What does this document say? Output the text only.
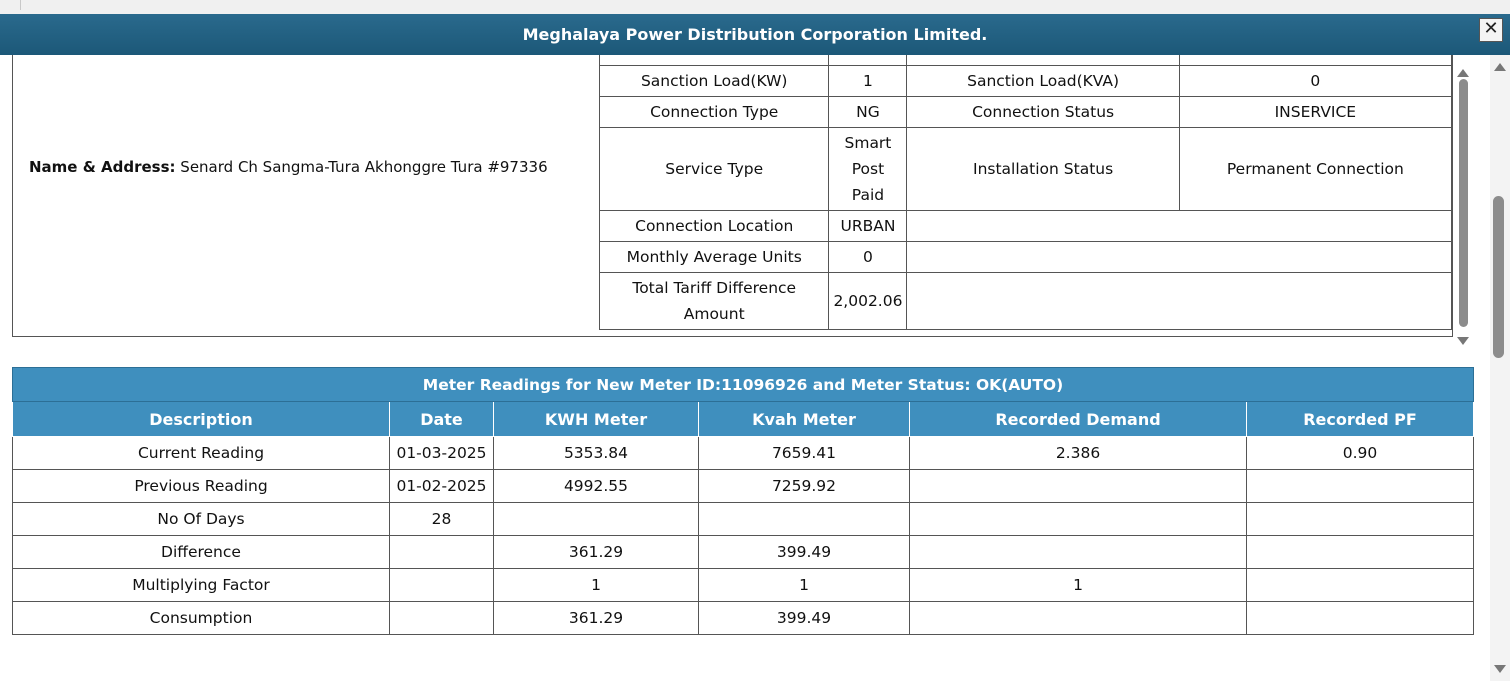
Meghalaya Power Distribution Corporation Limited.	✕
Name & Address: Senard Ch Sangma-Tura Akhonggre Tura #97336

Sanction Load(KW)	1	Sanction Load(KVA)	0
Connection Type	NG	Connection Status	INSERVICE
Service Type	Smart Post Paid	Installation Status	Permanent Connection
Connection Location	URBAN		
Monthly Average Units	0		
Total Tariff Difference Amount	2,002.06		
Meter Readings for New Meter ID:11096926 and Meter Status: OK(AUTO)					
Description	Date	KWH Meter	Kvah Meter	Recorded Demand	Recorded PF
Current Reading	01-03-2025	5353.84	7659.41	2.386	0.90
Previous Reading	01-02-2025	4992.55	7259.92		
No Of Days	28				
Difference		361.29	399.49		
Multiplying Factor		1	1	1	
Consumption		361.29	399.49		
